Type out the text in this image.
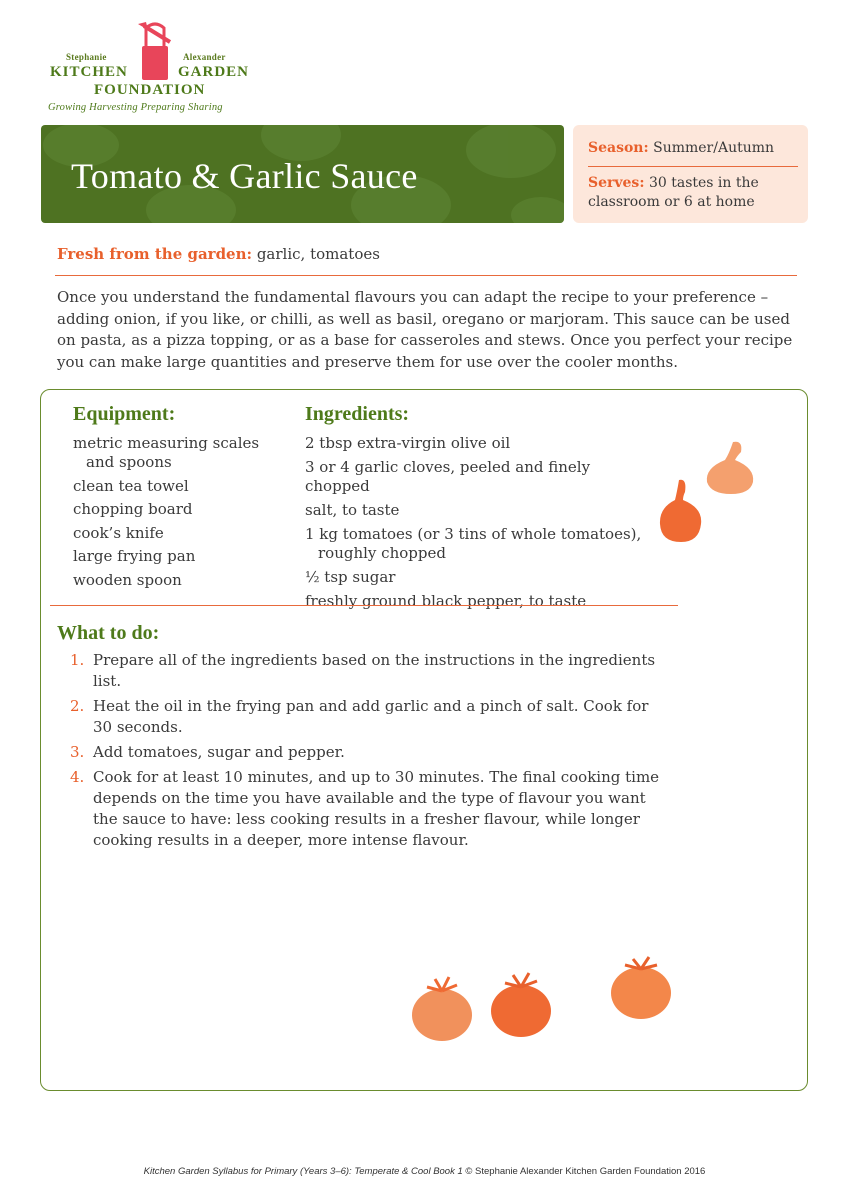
Stephanie	Alexander
KITCHEN	GARDEN
FOUNDATION
Growing Harvesting Preparing Sharing
Tomato & Garlic Sauce
Season: Summer/Autumn
Serves: 30 tastes in the classroom or 6 at home
Fresh from the garden: garlic, tomatoes

Once you understand the fundamental flavours you can adapt the recipe to your preference – adding onion, if you like, or chilli, as well as basil, oregano or marjoram. This sauce can be used on pasta, as a pizza topping, or as a base for casseroles and stews. Once you perfect your recipe you can make large quantities and preserve them for use over the cooler months.

Equipment:
metric measuring scales
and spoons
clean tea towel
chopping board
cook’s knife
large frying pan
wooden spoon
Ingredients:
2 tbsp extra-virgin olive oil
3 or 4 garlic cloves, peeled and finely chopped
salt, to taste
1 kg tomatoes (or 3 tins of whole tomatoes),
roughly chopped
½ tsp sugar
freshly ground black pepper, to taste
What to do:
1. Prepare all of the ingredients based on the instructions in the ingredients list.
2. Heat the oil in the frying pan and add garlic and a pinch of salt. Cook for 30 seconds.
3. Add tomatoes, sugar and pepper.
4. Cook for at least 10 minutes, and up to 30 minutes. The final cooking time depends on the time you have available and the type of flavour you want the sauce to have: less cooking results in a fresher flavour, while longer cooking results in a deeper, more intense flavour.
Kitchen Garden Syllabus for Primary (Years 3–6): Temperate & Cool Book 1 © Stephanie Alexander Kitchen Garden Foundation 2016
